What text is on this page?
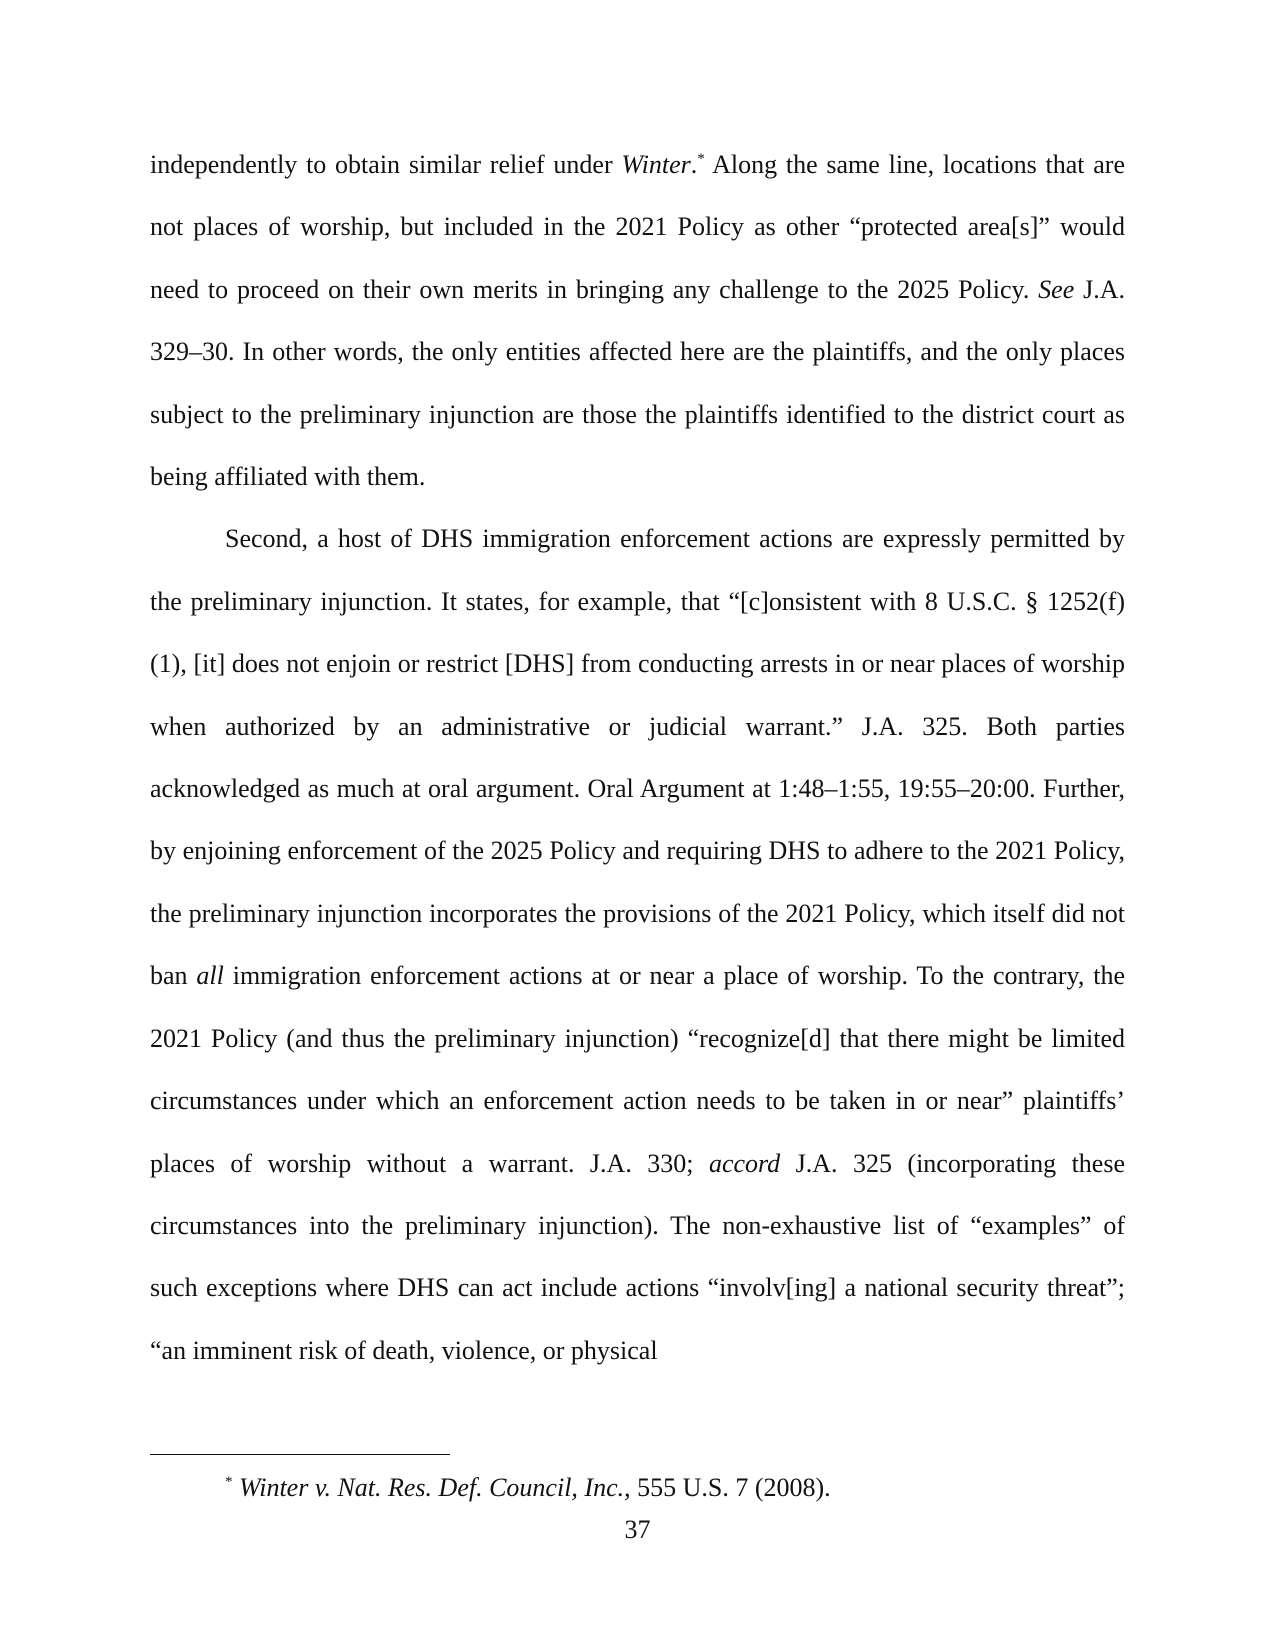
independently to obtain similar relief under Winter.* Along the same line, locations that are not places of worship, but included in the 2021 Policy as other “protected area[s]” would need to proceed on their own merits in bringing any challenge to the 2025 Policy. See J.A. 329–30. In other words, the only entities affected here are the plaintiffs, and the only places subject to the preliminary injunction are those the plaintiffs identified to the district court as being affiliated with them.

Second, a host of DHS immigration enforcement actions are expressly permitted by the preliminary injunction. It states, for example, that “[c]onsistent with 8 U.S.C. § 1252(f)(1), [it] does not enjoin or restrict [DHS] from conducting arrests in or near places of worship when authorized by an administrative or judicial warrant.” J.A. 325. Both parties acknowledged as much at oral argument. Oral Argument at 1:48–1:55, 19:55–20:00. Further, by enjoining enforcement of the 2025 Policy and requiring DHS to adhere to the 2021 Policy, the preliminary injunction incorporates the provisions of the 2021 Policy, which itself did not ban all immigration enforcement actions at or near a place of worship. To the contrary, the 2021 Policy (and thus the preliminary injunction) “recognize[d] that there might be limited circumstances under which an enforcement action needs to be taken in or near” plaintiffs’ places of worship without a warrant. J.A. 330; accord J.A. 325 (incorporating these circumstances into the preliminary injunction). The non-exhaustive list of “examples” of such exceptions where DHS can act include actions “involv[ing] a national security threat”; “an imminent risk of death, violence, or physical

* Winter v. Nat. Res. Def. Council, Inc., 555 U.S. 7 (2008).
37
